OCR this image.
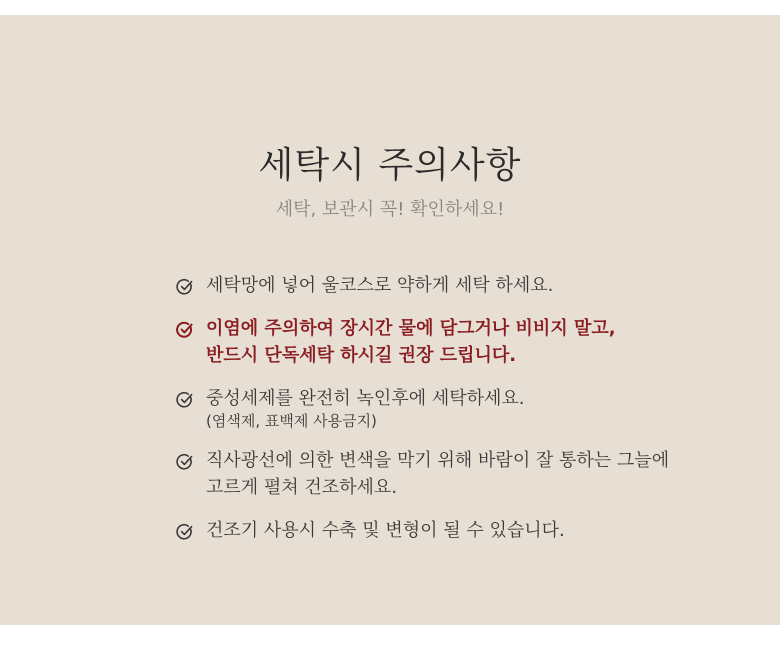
세탁시 주의사항
세탁, 보관시 꼭! 확인하세요!
세탁망에 넣어 울코스로 약하게 세탁 하세요.
이염에 주의하여 장시간 물에 담그거나 비비지 말고,
반드시 단독세탁 하시길 권장 드립니다.
중성세제를 완전히 녹인후에 세탁하세요.
(염색제, 표백제 사용금지)
직사광선에 의한 변색을 막기 위해 바람이 잘 통하는 그늘에
고르게 펼쳐 건조하세요.
건조기 사용시 수축 및 변형이 될 수 있습니다.
